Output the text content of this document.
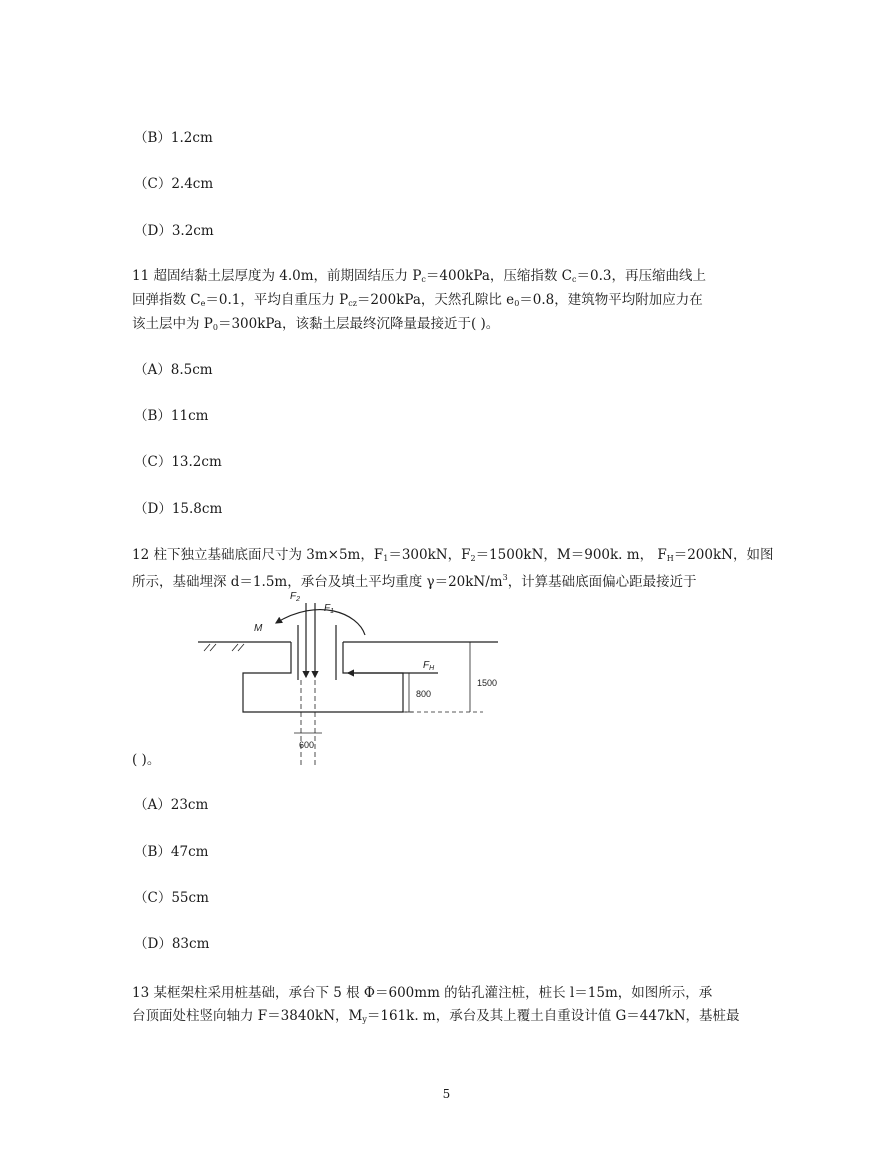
（B）1.2cm
（C）2.4cm
（D）3.2cm
11 超固结黏土层厚度为 4.0m，前期固结压力 $P_c=400kPa$，压缩指数 $C_c=0.3$，再压缩曲线上
回弹指数 $C_e=0.1$，平均自重压力 $P_{cz}=200kPa$，天然孔隙比 $e_0=0.8$，建筑物平均附加应力在
该土层中为 $P_0=300kPa$，该黏土层最终沉降量最接近于( )。
（A）8.5cm
（B）11cm
（C）13.2cm
（D）15.8cm
12 柱下独立基础底面尺寸为 3m×5m，$F_1=300kN$，$F_2=1500kN$，M＝900k. m， $F_H=200kN$，如图
所示，基础埋深 d＝1.5m，承台及填土平均重度 $\gamma=20kN/m^3$，计算基础底面偏心距最接近于
$F_2$
$F_1$
M
$F_H$
800
1500
600
( )。
（A）23cm
（B）47cm
（C）55cm
（D）83cm
13 某框架柱采用桩基础，承台下 5 根 Φ＝600mm 的钻孔灌注桩，桩长 l＝15m，如图所示，承
台顶面处柱竖向轴力 F＝3840kN，$M_y=161k$. m，承台及其上覆土自重设计值 G＝447kN，基桩最
5
